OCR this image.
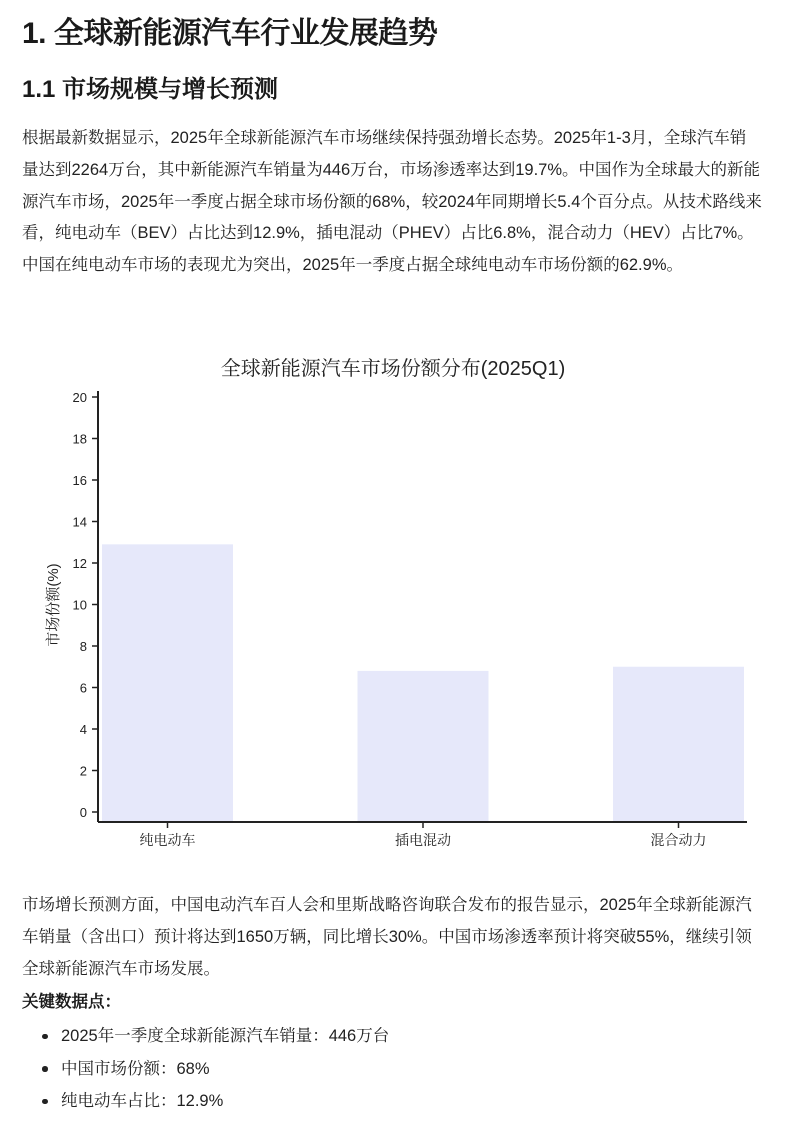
1. 全球新能源汽车行业发展趋势
1.1 市场规模与增长预测

根据最新数据显示，2025年全球新能源汽车市场继续保持强劲增长态势。2025年1-3月，全球汽车销量达到2264万台，其中新能源汽车销量为446万台，市场渗透率达到19.7%。中国作为全球最大的新能源汽车市场，2025年一季度占据全球市场份额的68%，较2024年同期增长5.4个百分点。从技术路线来看，纯电动车（BEV）占比达到12.9%，插电混动（PHEV）占比6.8%，混合动力（HEV）占比7%。中国在纯电动车市场的表现尤为突出，2025年一季度占据全球纯电动车市场份额的62.9%。

全球新能源汽车市场份额分布(2025Q1)
市场份额(%)
0
2
4
6
8
10
12
14
16
18
20
纯电动车	插电混动	混合动力

市场增长预测方面，中国电动汽车百人会和里斯战略咨询联合发布的报告显示，2025年全球新能源汽车销量（含出口）预计将达到1650万辆，同比增长30%。中国市场渗透率预计将突破55%，继续引领全球新能源汽车市场发展。

关键数据点：

2025年一季度全球新能源汽车销量：446万台
中国市场份额：68%
纯电动车占比：12.9%
